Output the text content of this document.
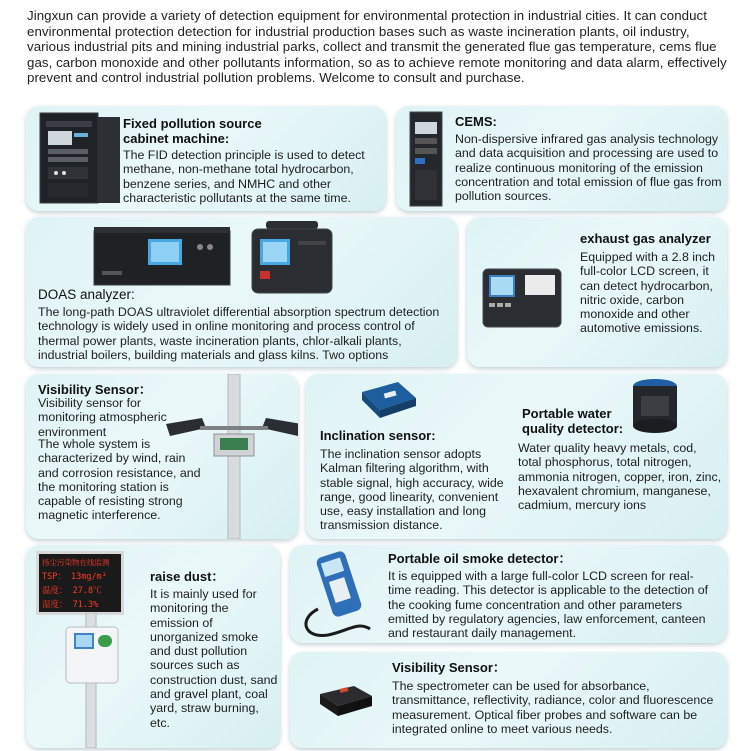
Jingxun can provide a variety of detection equipment for environmental protection in industrial cities. It can conduct environmental protection detection for industrial production bases such as waste incineration plants, oil industry, various industrial pits and mining industrial parks, collect and transmit the generated flue gas temperature, cems flue gas, carbon monoxide and other pollutants information, so as to achieve remote monitoring and data alarm, effectively prevent and control industrial pollution problems. Welcome to consult and purchase.
Fixed pollution source cabinet machine:
The FID detection principle is used to detect methane, non-methane total hydrocarbon, benzene series, and NMHC and other characteristic pollutants at the same time.
CEMS:
Non-dispersive infrared gas analysis technology and data acquisition and processing are used to realize continuous monitoring of the emission concentration and total emission of flue gas from pollution sources.
DOAS analyzer:
The long-path DOAS ultraviolet differential absorption spectrum detection technology is widely used in online monitoring and process control of thermal power plants, waste incineration plants, chlor-alkali plants, industrial boilers, building materials and glass kilns. Two options
exhaust gas analyzer
Equipped with a 2.8 inch full-color LCD screen, it can detect hydrocarbon, nitric oxide, carbon monoxide and other automotive emissions.
Visibility Sensor：
Visibility sensor for monitoring atmospheric environment
The whole system is characterized by wind, rain and corrosion resistance, and the monitoring station is capable of resisting strong magnetic interference.
Inclination sensor:
The inclination sensor adopts Kalman filtering algorithm, with stable signal, high accuracy, wide range, good linearity, convenient use, easy installation and long transmission distance.
Portable water quality detector:
Water quality heavy metals, cod, total phosphorus, total nitrogen, ammonia nitrogen, copper, iron, zinc, hexavalent chromium, manganese, cadmium, mercury ions
扬尘污染物在线监测
TSP： 13mg/m³
温度： 27.8℃
湿度： 71.3%
raise dust：
It is mainly used for monitoring the emission of unorganized smoke and dust pollution sources such as construction dust, sand and gravel plant, coal yard, straw burning, etc.
Portable oil smoke detector：
It is equipped with a large full-color LCD screen for real-time reading. This detector is applicable to the detection of the cooking fume concentration and other parameters emitted by regulatory agencies, law enforcement, canteen and restaurant daily management.
Visibility Sensor：
The spectrometer can be used for absorbance, transmittance, reflectivity, radiance, color and fluorescence measurement. Optical fiber probes and software can be integrated online to meet various needs.
